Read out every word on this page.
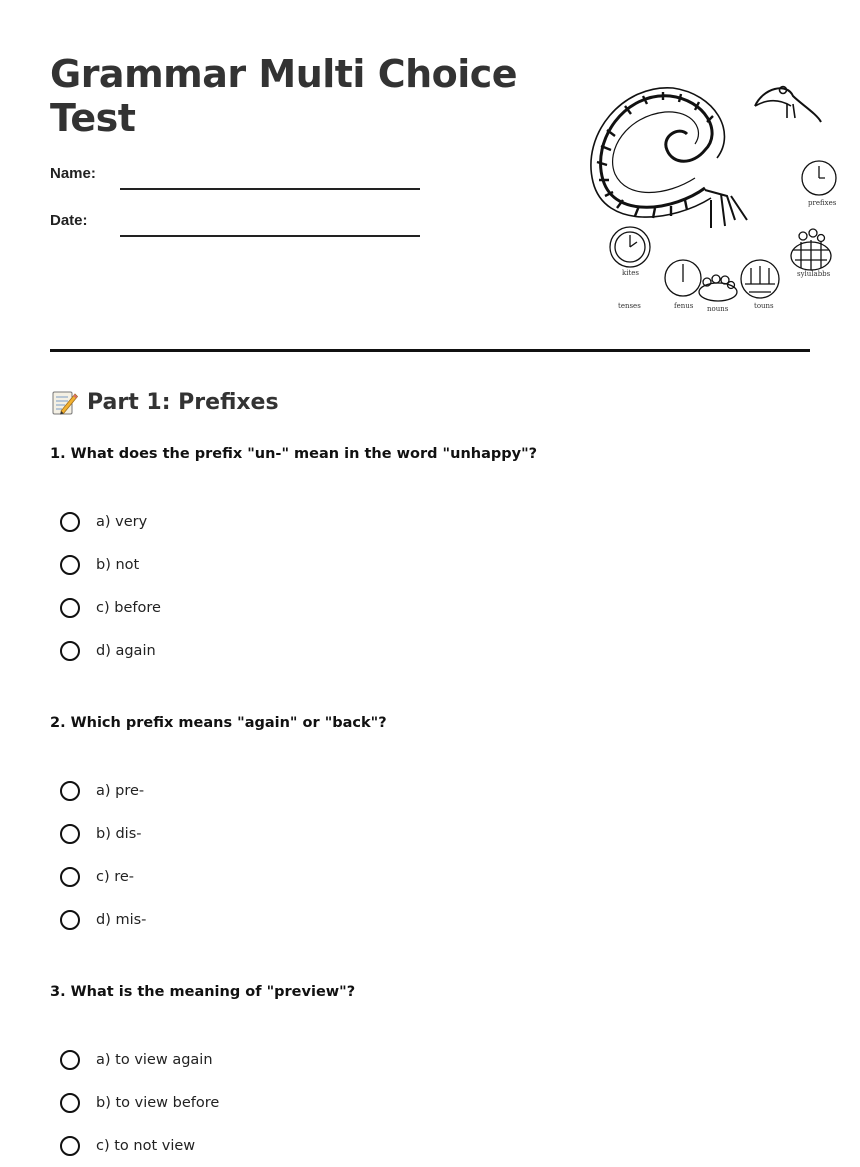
Grammar Multi Choice Test
Name:
Date:
prefixes
kites	sylulabbs
tenses	fenus nouns	touns
Part 1: Prefixes

1. What does the prefix "un-" mean in the word "unhappy"?

a) very
b) not
c) before
d) again

2. Which prefix means "again" or "back"?

a) pre-
b) dis-
c) re-
d) mis-

3. What is the meaning of "preview"?

a) to view again
b) to view before
c) to not view
